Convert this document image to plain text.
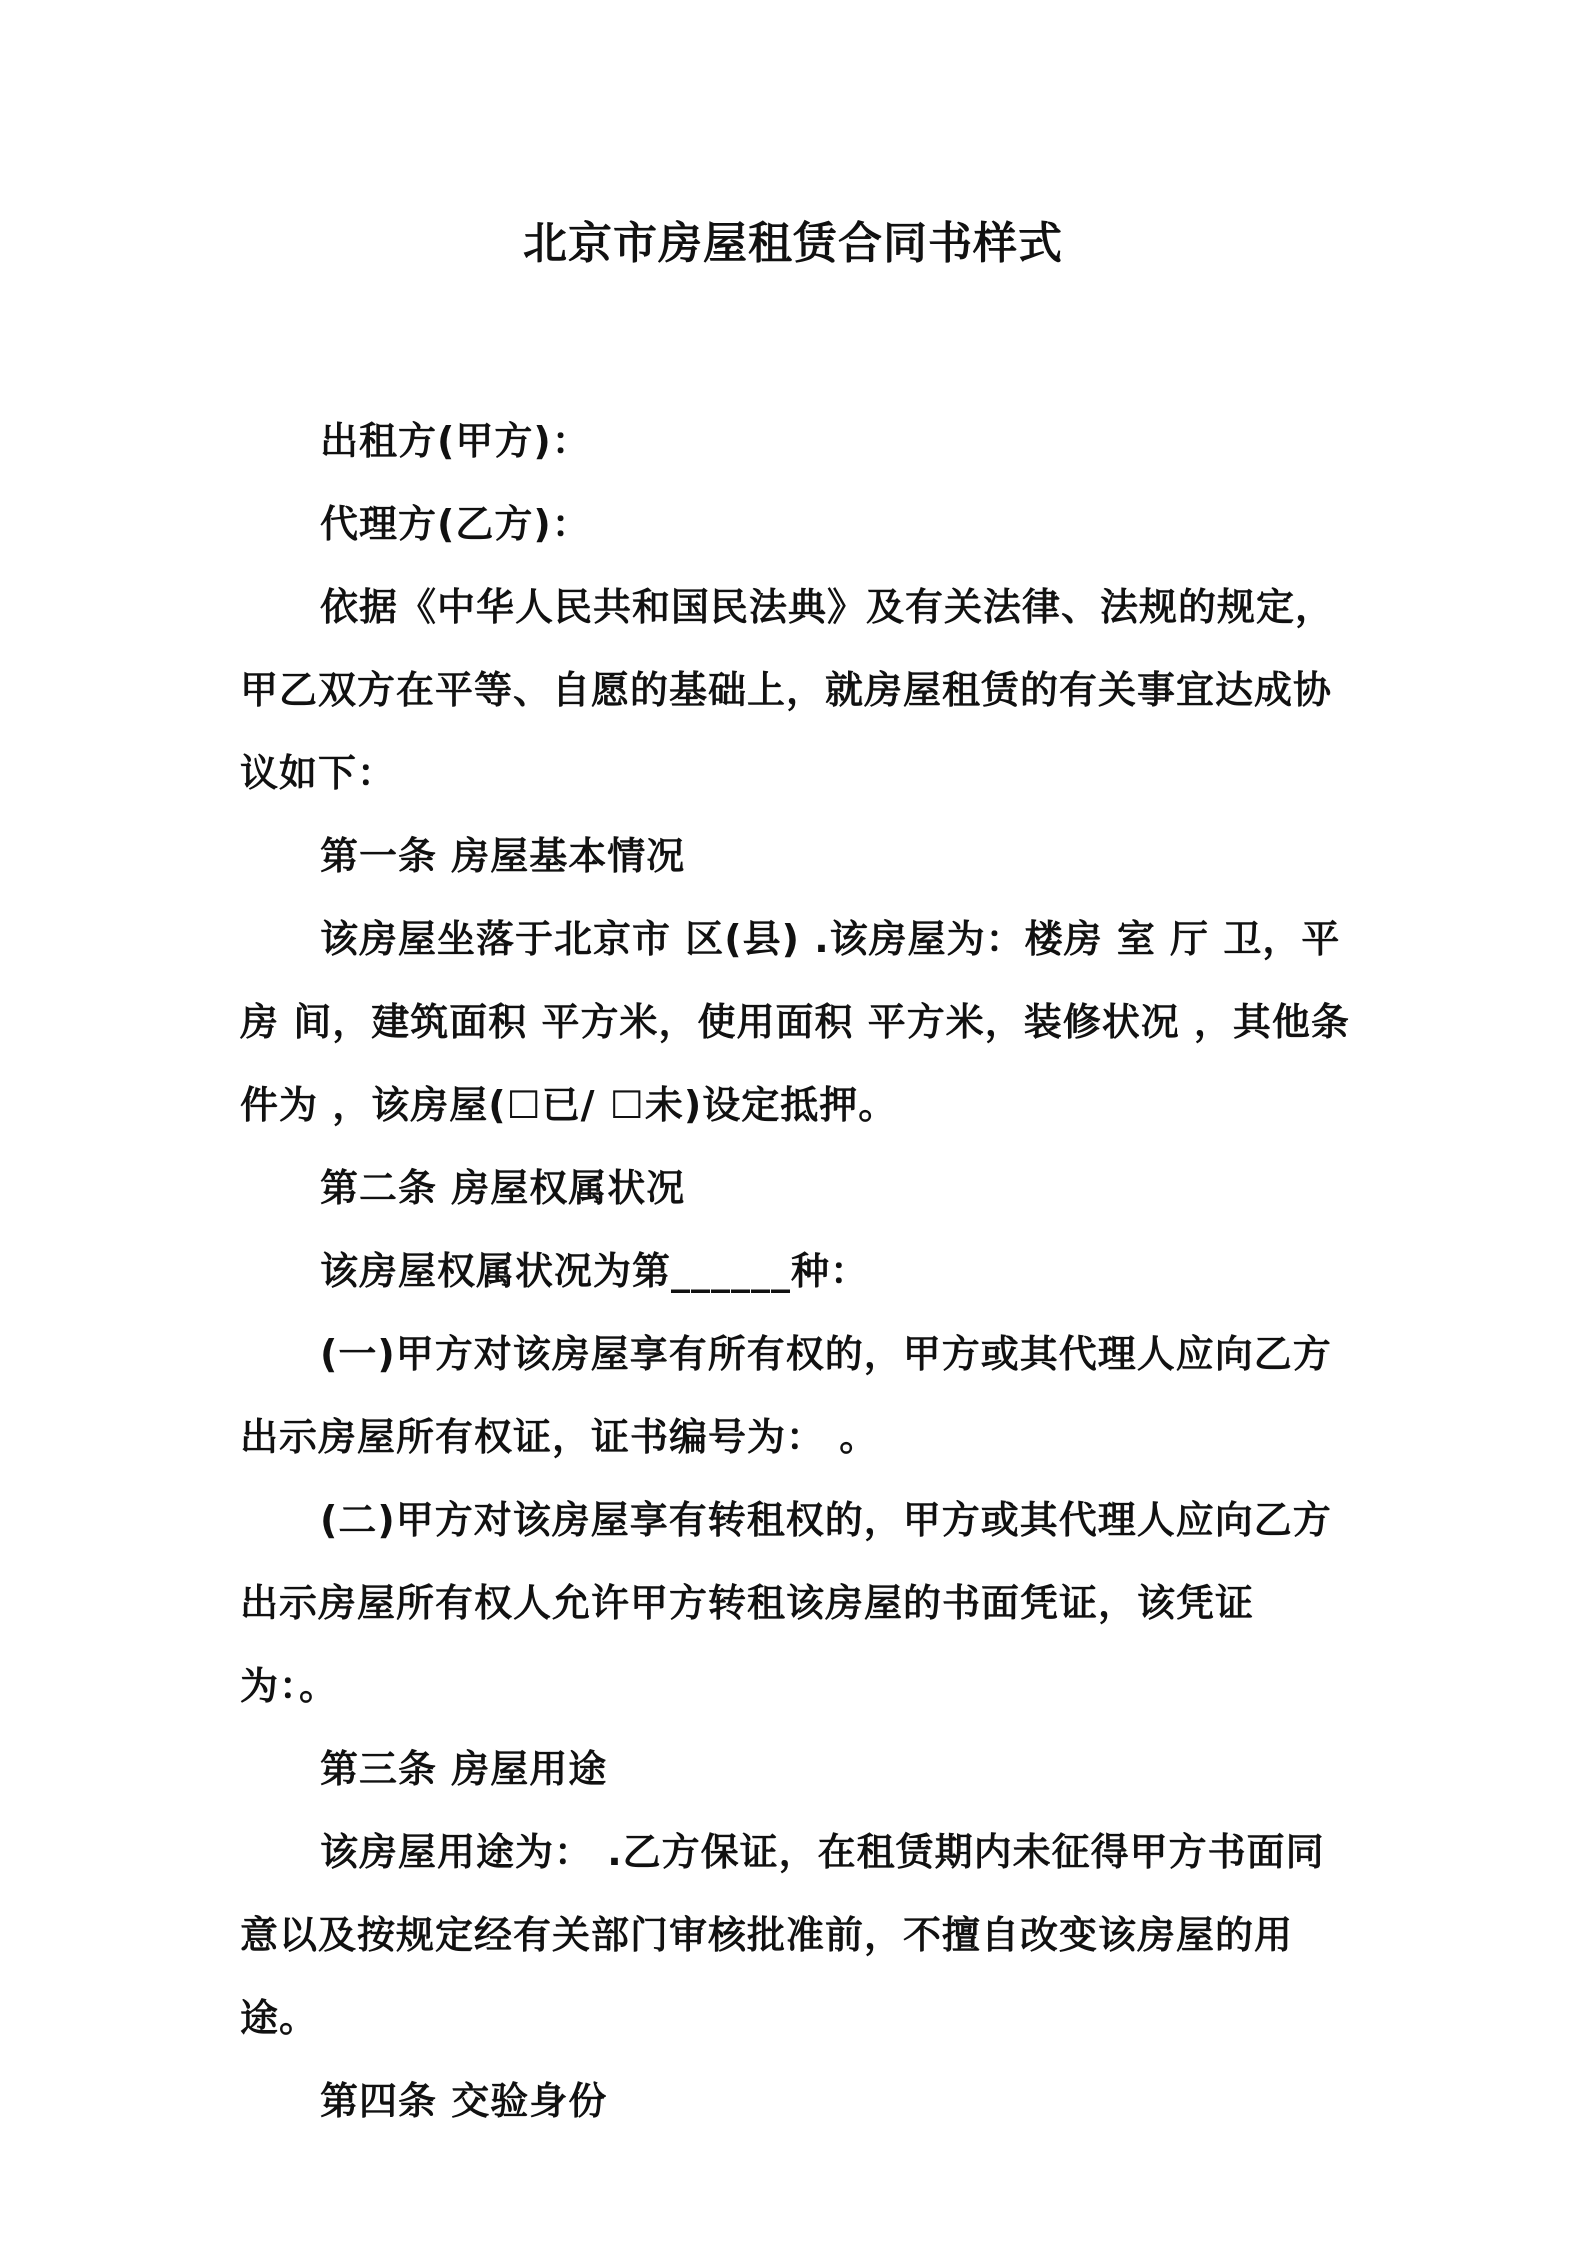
北京市房屋租赁合同书样式

出租方(甲方)：

代理方(乙方)：

依据《中华人民共和国民法典》及有关法律、法规的规定，甲乙双方在平等、自愿的基础上，就房屋租赁的有关事宜达成协议如下：

第一条 房屋基本情况

该房屋坐落于北京市 区(县) .该房屋为：楼房 室 厅 卫，平房 间，建筑面积 平方米，使用面积 平方米，装修状况 ，其他条件为 ，该房屋(☐已/ ☐未)设定抵押。

第二条 房屋权属状况

该房屋权属状况为第______种：

(一)甲方对该房屋享有所有权的，甲方或其代理人应向乙方出示房屋所有权证，证书编号为： 。

(二)甲方对该房屋享有转租权的，甲方或其代理人应向乙方出示房屋所有权人允许甲方转租该房屋的书面凭证，该凭证为：。

第三条 房屋用途

该房屋用途为： .乙方保证，在租赁期内未征得甲方书面同意以及按规定经有关部门审核批准前，不擅自改变该房屋的用途。

第四条 交验身份
